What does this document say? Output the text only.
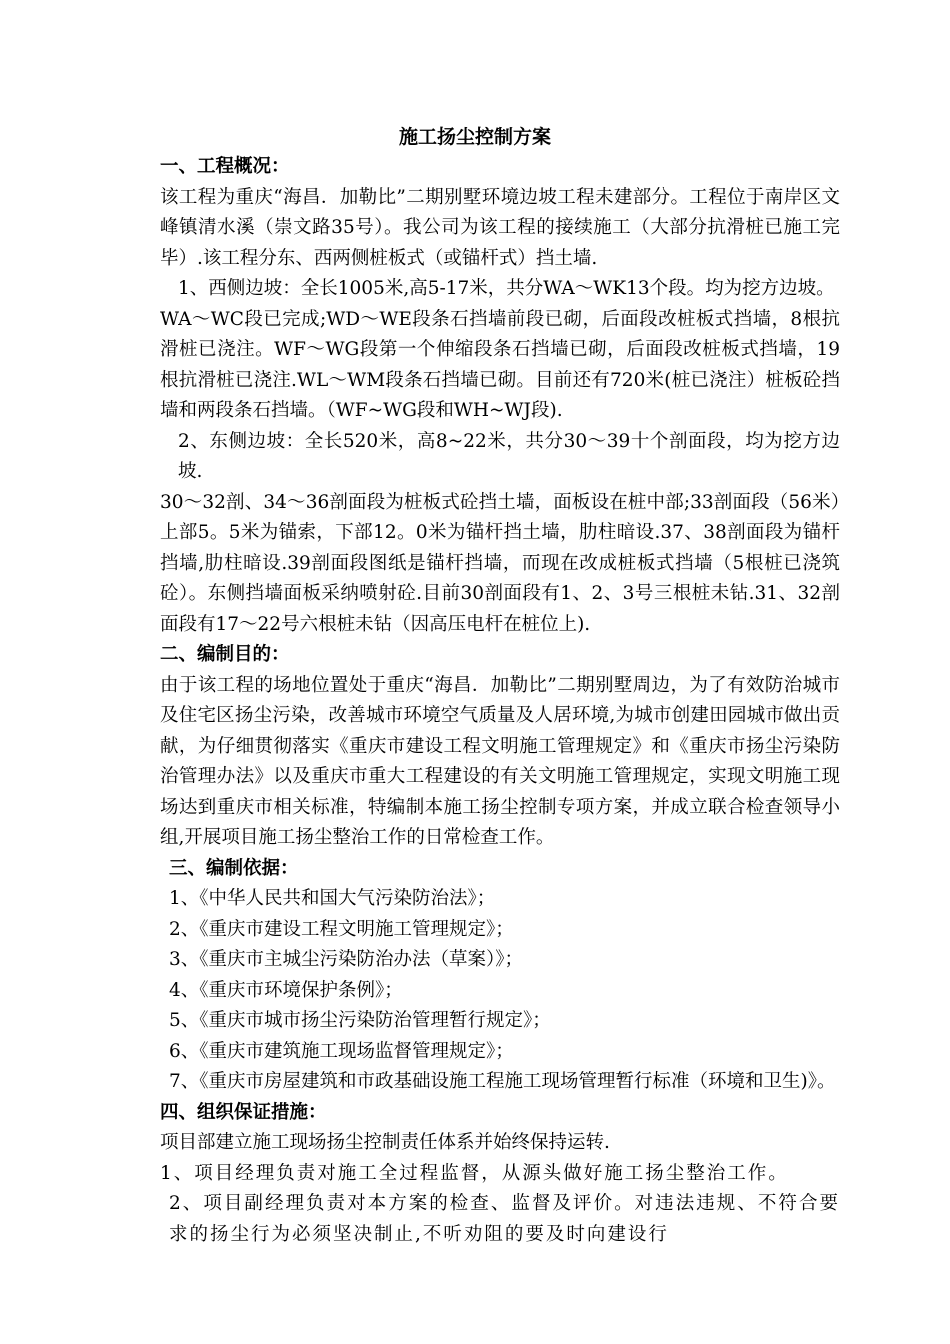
施工扬尘控制方案

一、工程概况：

该工程为重庆“海昌．加勒比”二期别墅环境边坡工程未建部分。工程位于南岸区文峰镇清水溪（崇文路35号）。我公司为该工程的接续施工（大部分抗滑桩已施工完毕）.该工程分东、西两侧桩板式（或锚杆式）挡土墙.

1、西侧边坡：全长1005米,高5-17米，共分WA～WK13个段。均为挖方边坡。

WA～WC段已完成;WD～WE段条石挡墙前段已砌，后面段改桩板式挡墙，8根抗滑桩已浇注。WF～WG段第一个伸缩段条石挡墙已砌，后面段改桩板式挡墙，19根抗滑桩已浇注.WL～WM段条石挡墙已砌。目前还有720米(桩已浇注）桩板砼挡墙和两段条石挡墙。（WF~WG段和WH~WJ段).

2、东侧边坡：全长520米，高8~22米，共分30～39十个剖面段，均为挖方边坡.

30～32剖、34～36剖面段为桩板式砼挡土墙，面板设在桩中部;33剖面段（56米）上部5。5米为锚索，下部12。0米为锚杆挡土墙，肋柱暗设.37、38剖面段为锚杆挡墙,肋柱暗设.39剖面段图纸是锚杆挡墙，而现在改成桩板式挡墙（5根桩已浇筑砼）。东侧挡墙面板采纳喷射砼.目前30剖面段有1、2、3号三根桩未钻.31、32剖面段有17～22号六根桩未钻（因高压电杆在桩位上).

二、编制目的：

由于该工程的场地位置处于重庆“海昌．加勒比”二期别墅周边，为了有效防治城市及住宅区扬尘污染，改善城市环境空气质量及人居环境,为城市创建田园城市做出贡献，为仔细贯彻落实《重庆市建设工程文明施工管理规定》和《重庆市扬尘污染防治管理办法》以及重庆市重大工程建设的有关文明施工管理规定，实现文明施工现场达到重庆市相关标准，特编制本施工扬尘控制专项方案，并成立联合检查领导小组,开展项目施工扬尘整治工作的日常检查工作。

三、编制依据：

1、《中华人民共和国大气污染防治法》；

2、《重庆市建设工程文明施工管理规定》；

3、《重庆市主城尘污染防治办法（草案）》；

4、《重庆市环境保护条例》；

5、《重庆市城市扬尘污染防治管理暂行规定》；

6、《重庆市建筑施工现场监督管理规定》；

7、《重庆市房屋建筑和市政基础设施工程施工现场管理暂行标准（环境和卫生)》。

四、组织保证措施：

项目部建立施工现场扬尘控制责任体系并始终保持运转.

1、项目经理负责对施工全过程监督，从源头做好施工扬尘整治工作。

2、项目副经理负责对本方案的检查、监督及评价。对违法违规、不符合要求的扬尘行为必须坚决制止,不听劝阻的要及时向建设行
